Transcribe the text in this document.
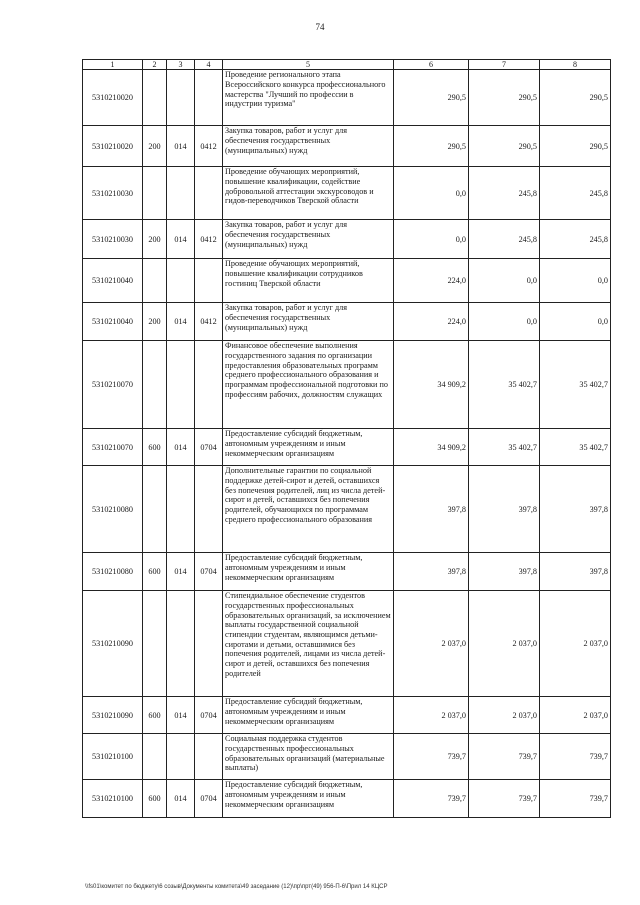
74
1	2	3	4	5	6	7	8
5310210020				Проведение регионального этапа Всероссийского конкурса профессионального мастерства "Лучший по профессии в индустрии туризма"	290,5	290,5	290,5
5310210020	200	014	0412	Закупка товаров, работ и услуг для обеспечения государственных (муниципальных) нужд	290,5	290,5	290,5
5310210030				Проведение обучающих мероприятий, повышение квалификации, содействие добровольной аттестации экскурсоводов и гидов-переводчиков Тверской области	0,0	245,8	245,8
5310210030	200	014	0412	Закупка товаров, работ и услуг для обеспечения государственных (муниципальных) нужд	0,0	245,8	245,8
5310210040				Проведение обучающих мероприятий, повышение квалификации сотрудников гостиниц Тверской области	224,0	0,0	0,0
5310210040	200	014	0412	Закупка товаров, работ и услуг для обеспечения государственных (муниципальных) нужд	224,0	0,0	0,0
5310210070				Финансовое обеспечение выполнения государственного задания по организации предоставления образовательных программ среднего профессионального образования и программам профессиональной подготовки по профессиям рабочих, должностям служащих	34 909,2	35 402,7	35 402,7
5310210070	600	014	0704	Предоставление субсидий бюджетным, автономным учреждениям и иным некоммерческим организациям	34 909,2	35 402,7	35 402,7
5310210080				Дополнительные гарантии по социальной поддержке детей-сирот и детей, оставшихся без попечения родителей, лиц из числа детей-сирот и детей, оставшихся без попечения родителей, обучающихся по программам среднего профессионального образования	397,8	397,8	397,8
5310210080	600	014	0704	Предоставление субсидий бюджетным, автономным учреждениям и иным некоммерческим организациям	397,8	397,8	397,8
5310210090				Стипендиальное обеспечение студентов государственных профессиональных образовательных организаций, за исключением выплаты государственной социальной стипендии студентам, являющимся детьми-сиротами и детьми, оставшимися без попечения родителей, лицами из числа детей-сирот и детей, оставшихся без попечения родителей	2 037,0	2 037,0	2 037,0
5310210090	600	014	0704	Предоставление субсидий бюджетным, автономным учреждениям и иным некоммерческим организациям	2 037,0	2 037,0	2 037,0
5310210100				Социальная поддержка студентов государственных профессиональных образовательных организаций (материальные выплаты)	739,7	739,7	739,7
5310210100	600	014	0704	Предоставление субсидий бюджетным, автономным учреждениям и иным некоммерческим организациям	739,7	739,7	739,7
\\fs01\комитет по бюджету\6 созыв\Документы комитета\49 заседание (12)\пр\прт(49) 956-П-6\Прил 14 КЦСР
